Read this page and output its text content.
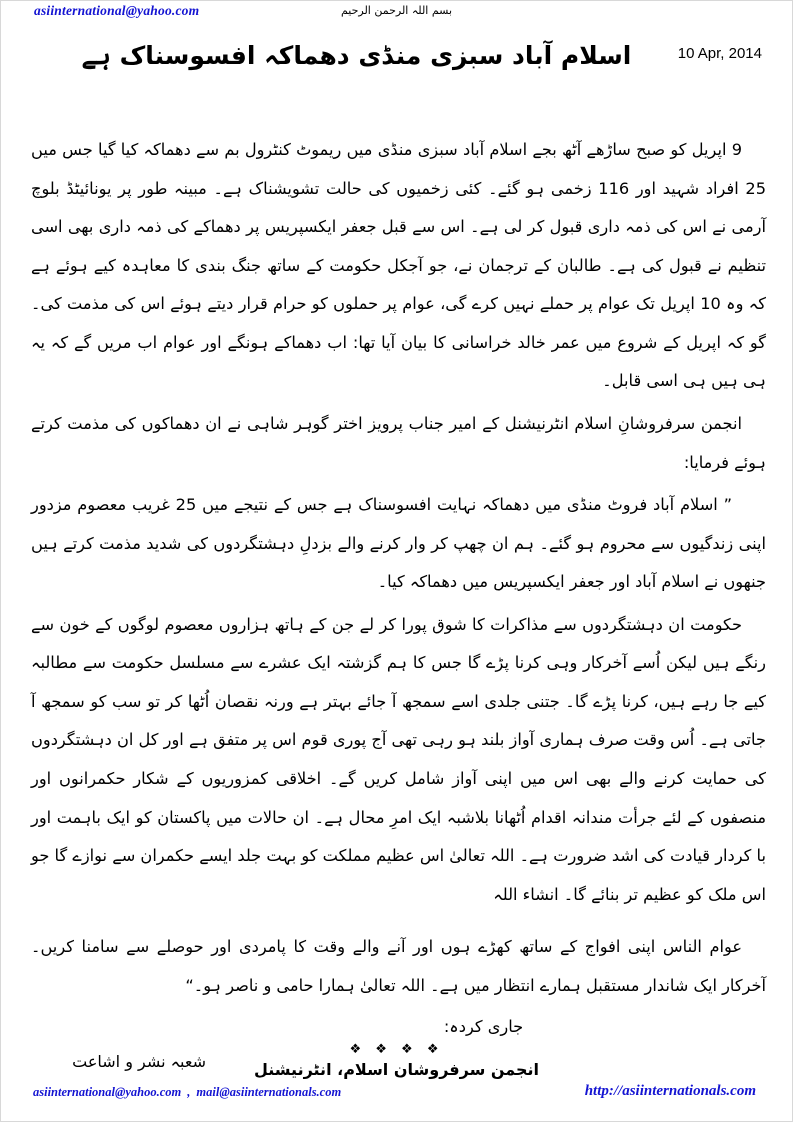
asiinternational@yahoo.com	بسم اللہ الرحمن الرحیم
10 Apr, 2014
اسلام آباد سبزی منڈی دھماکہ افسوسناک ہے

9 اپریل کو صبح ساڑھے آٹھ بجے اسلام آباد سبزی منڈی میں ریموٹ کنٹرول بم سے دھماکہ کیا گیا جس میں 25 افراد شہید اور 116 زخمی ہو گئے۔ کئی زخمیوں کی حالت تشویشناک ہے۔ مبینہ طور پر یونائیٹڈ بلوچ آرمی نے اس کی ذمہ داری قبول کر لی ہے۔ اس سے قبل جعفر ایکسپریس پر دھماکے کی ذمہ داری بھی اسی تنظیم نے قبول کی ہے۔ طالبان کے ترجمان نے، جو آجکل حکومت کے ساتھ جنگ بندی کا معاہدہ کیے ہوئے ہے کہ وہ 10 اپریل تک عوام پر حملے نہیں کرے گی، عوام پر حملوں کو حرام قرار دیتے ہوئے اس کی مذمت کی۔ گو کہ اپریل کے شروع میں عمر خالد خراسانی کا بیان آیا تھا: اب دھماکے ہونگے اور عوام اب مریں گے کہ یہ ہی ہیں ہی اسی قابل۔

انجمن سرفروشانِ اسلام انٹرنیشنل کے امیر جناب پرویز اختر گوہر شاہی نے ان دھماکوں کی مذمت کرتے ہوئے فرمایا:

” اسلام آباد فروٹ منڈی میں دھماکہ نہایت افسوسناک ہے جس کے نتیجے میں 25 غریب معصوم مزدور اپنی زندگیوں سے محروم ہو گئے۔ ہم ان چھپ کر وار کرنے والے بزدلِ دہشتگردوں کی شدید مذمت کرتے ہیں جنھوں نے اسلام آباد اور جعفر ایکسپریس میں دھماکہ کیا۔

حکومت ان دہشتگردوں سے مذاکرات کا شوق پورا کر لے جن کے ہاتھ ہزاروں معصوم لوگوں کے خون سے رنگے ہیں لیکن اُسے آخرکار وہی کرنا پڑے گا جس کا ہم گزشتہ ایک عشرے سے مسلسل حکومت سے مطالبہ کیے جا رہے ہیں، کرنا پڑے گا۔ جتنی جلدی اسے سمجھ آ جائے بہتر ہے ورنہ نقصان اُٹھا کر تو سب کو سمجھ آ جاتی ہے۔ اُس وقت صرف ہماری آواز بلند ہو رہی تھی آج پوری قوم اس پر متفق ہے اور کل ان دہشتگردوں کی حمایت کرنے والے بھی اس میں اپنی آواز شامل کریں گے۔ اخلاقی کمزوریوں کے شکار حکمرانوں اور منصفوں کے لئے جرأت مندانہ اقدام اُٹھانا بلاشبہ ایک امرِ محال ہے۔ ان حالات میں پاکستان کو ایک باہمت اور با کردار قیادت کی اشد ضرورت ہے۔ اللہ تعالیٰ اس عظیم مملکت کو بہت جلد ایسے حکمران سے نوازے گا جو اس ملک کو عظیم تر بنائے گا۔ انشاء اللہ

عوام الناس اپنی افواج کے ساتھ کھڑے ہوں اور آنے والے وقت کا پامردی اور حوصلے سے سامنا کریں۔ آخرکار ایک شاندار مستقبل ہمارے انتظار میں ہے۔ اللہ تعالیٰ ہمارا حامی و ناصر ہو۔“

جاری کردہ:
شعبہ نشر و اشاعت
❖ ❖ ❖ ❖
انجمن سرفروشان اسلام، انٹرنیشنل
asiinternational@yahoo.com , mail@asiinternationals.com	http://asiinternationals.com
